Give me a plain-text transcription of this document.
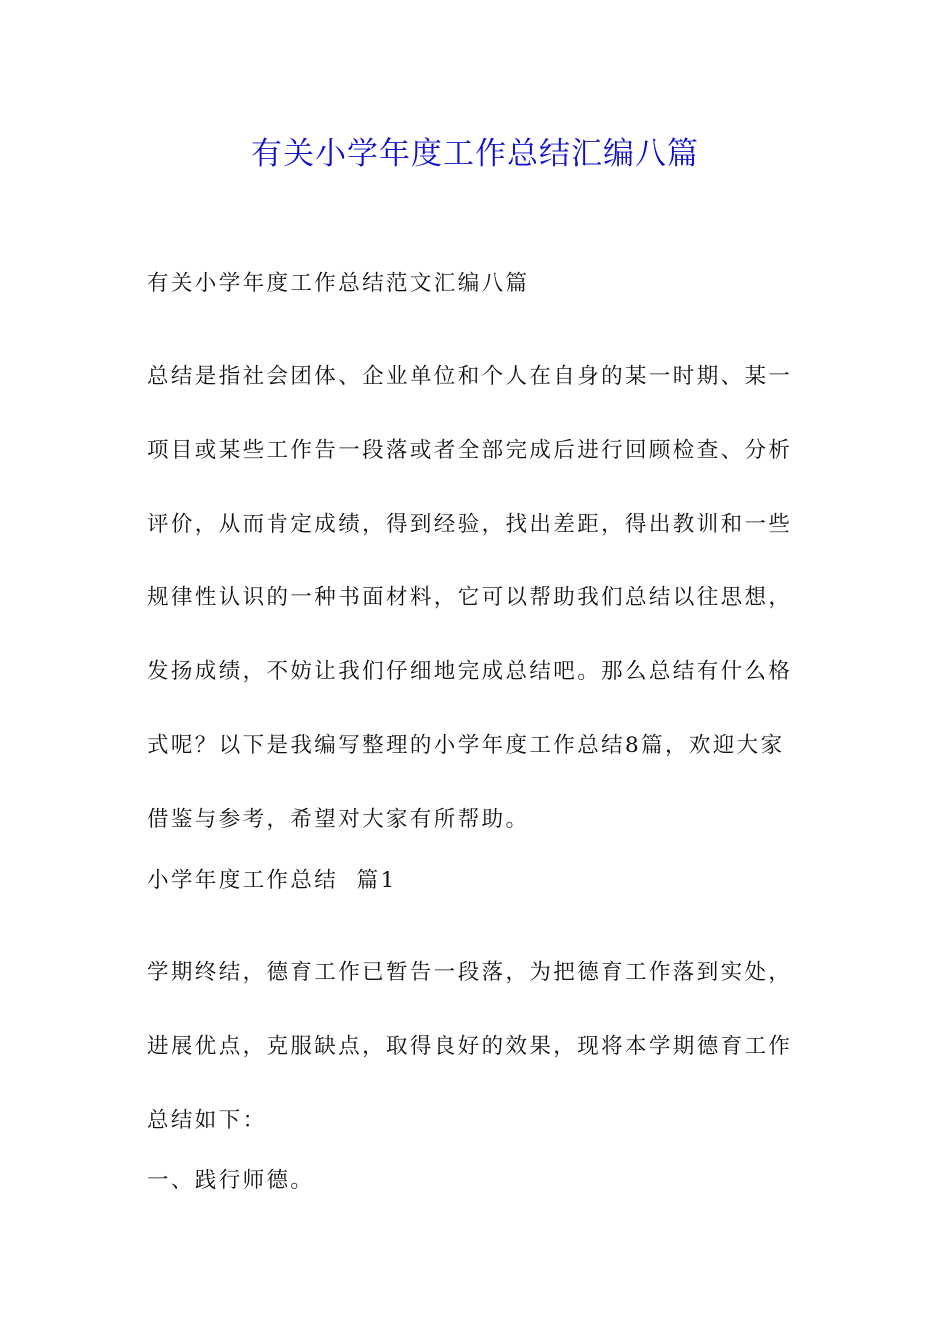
有关小学年度工作总结汇编八篇

有关小学年度工作总结范文汇编八篇

总结是指社会团体、企业单位和个人在自身的某一时期、某一项目或某些工作告一段落或者全部完成后进行回顾检查、分析评价，从而肯定成绩，得到经验，找出差距，得出教训和一些规律性认识的一种书面材料，它可以帮助我们总结以往思想，发扬成绩，不妨让我们仔细地完成总结吧。那么总结有什么格式呢？以下是我编写整理的小学年度工作总结8篇，欢迎大家借鉴与参考，希望对大家有所帮助。

小学年度工作总结  篇1

学期终结，德育工作已暂告一段落，为把德育工作落到实处，进展优点，克服缺点，取得良好的效果，现将本学期德育工作总结如下：

一、践行师德。
